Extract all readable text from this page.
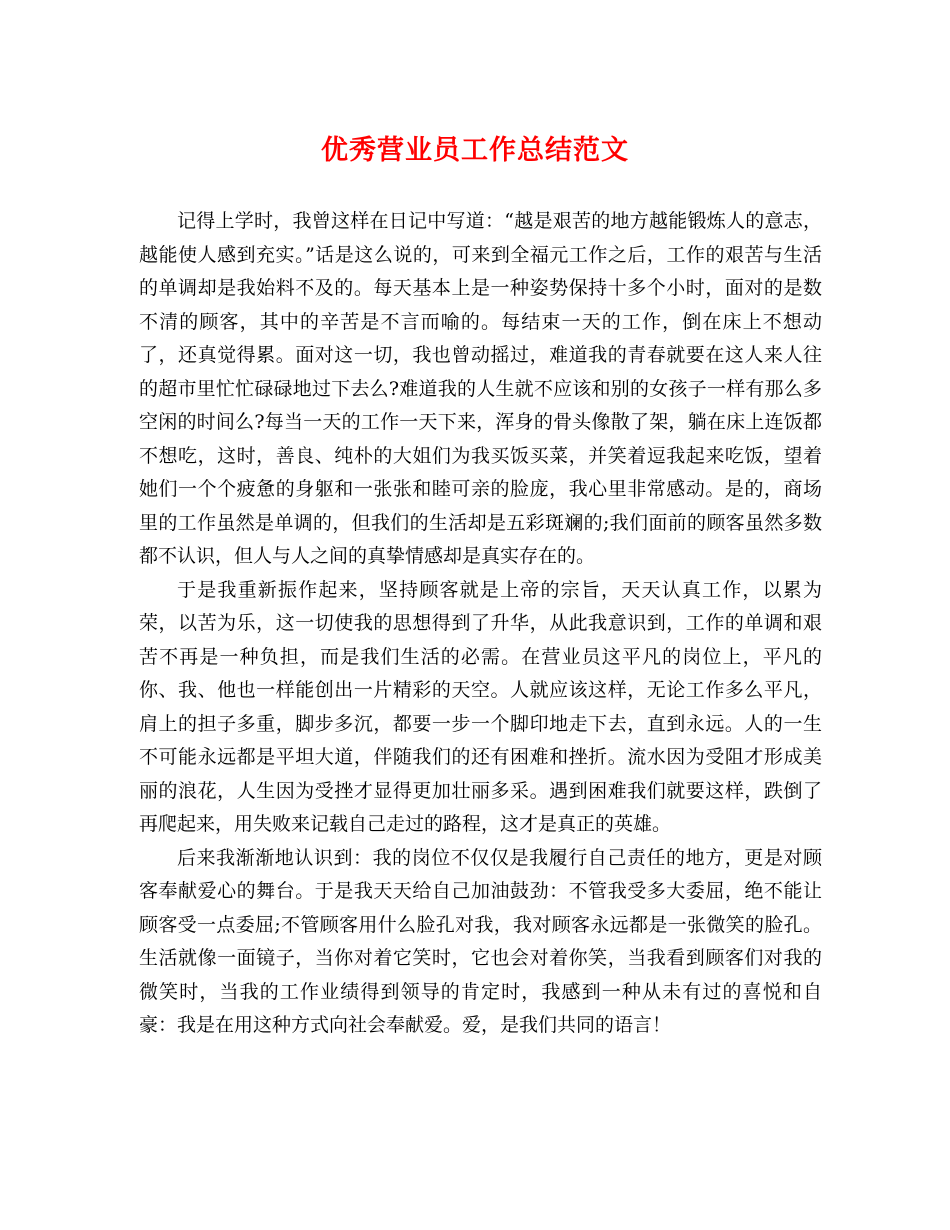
优秀营业员工作总结范文

记得上学时，我曾这样在日记中写道：“越是艰苦的地方越能锻炼人的意志，越能使人感到充实。”话是这么说的，可来到全福元工作之后，工作的艰苦与生活的单调却是我始料不及的。每天基本上是一种姿势保持十多个小时，面对的是数不清的顾客，其中的辛苦是不言而喻的。每结束一天的工作，倒在床上不想动了，还真觉得累。面对这一切，我也曾动摇过，难道我的青春就要在这人来人往的超市里忙忙碌碌地过下去么?难道我的人生就不应该和别的女孩子一样有那么多空闲的时间么?每当一天的工作一天下来，浑身的骨头像散了架，躺在床上连饭都不想吃，这时，善良、纯朴的大姐们为我买饭买菜，并笑着逗我起来吃饭，望着她们一个个疲惫的身躯和一张张和睦可亲的脸庞，我心里非常感动。是的，商场里的工作虽然是单调的，但我们的生活却是五彩斑斓的;我们面前的顾客虽然多数都不认识，但人与人之间的真挚情感却是真实存在的。

于是我重新振作起来，坚持顾客就是上帝的宗旨，天天认真工作，以累为荣，以苦为乐，这一切使我的思想得到了升华，从此我意识到，工作的单调和艰苦不再是一种负担，而是我们生活的必需。在营业员这平凡的岗位上，平凡的你、我、他也一样能创出一片精彩的天空。人就应该这样，无论工作多么平凡，肩上的担子多重，脚步多沉，都要一步一个脚印地走下去，直到永远。人的一生不可能永远都是平坦大道，伴随我们的还有困难和挫折。流水因为受阻才形成美丽的浪花，人生因为受挫才显得更加壮丽多采。遇到困难我们就要这样，跌倒了再爬起来，用失败来记载自己走过的路程，这才是真正的英雄。

后来我渐渐地认识到：我的岗位不仅仅是我履行自己责任的地方，更是对顾客奉献爱心的舞台。于是我天天给自己加油鼓劲：不管我受多大委屈，绝不能让顾客受一点委屈;不管顾客用什么脸孔对我，我对顾客永远都是一张微笑的脸孔。生活就像一面镜子，当你对着它笑时，它也会对着你笑，当我看到顾客们对我的微笑时，当我的工作业绩得到领导的肯定时，我感到一种从未有过的喜悦和自豪：我是在用这种方式向社会奉献爱。爱，是我们共同的语言！
